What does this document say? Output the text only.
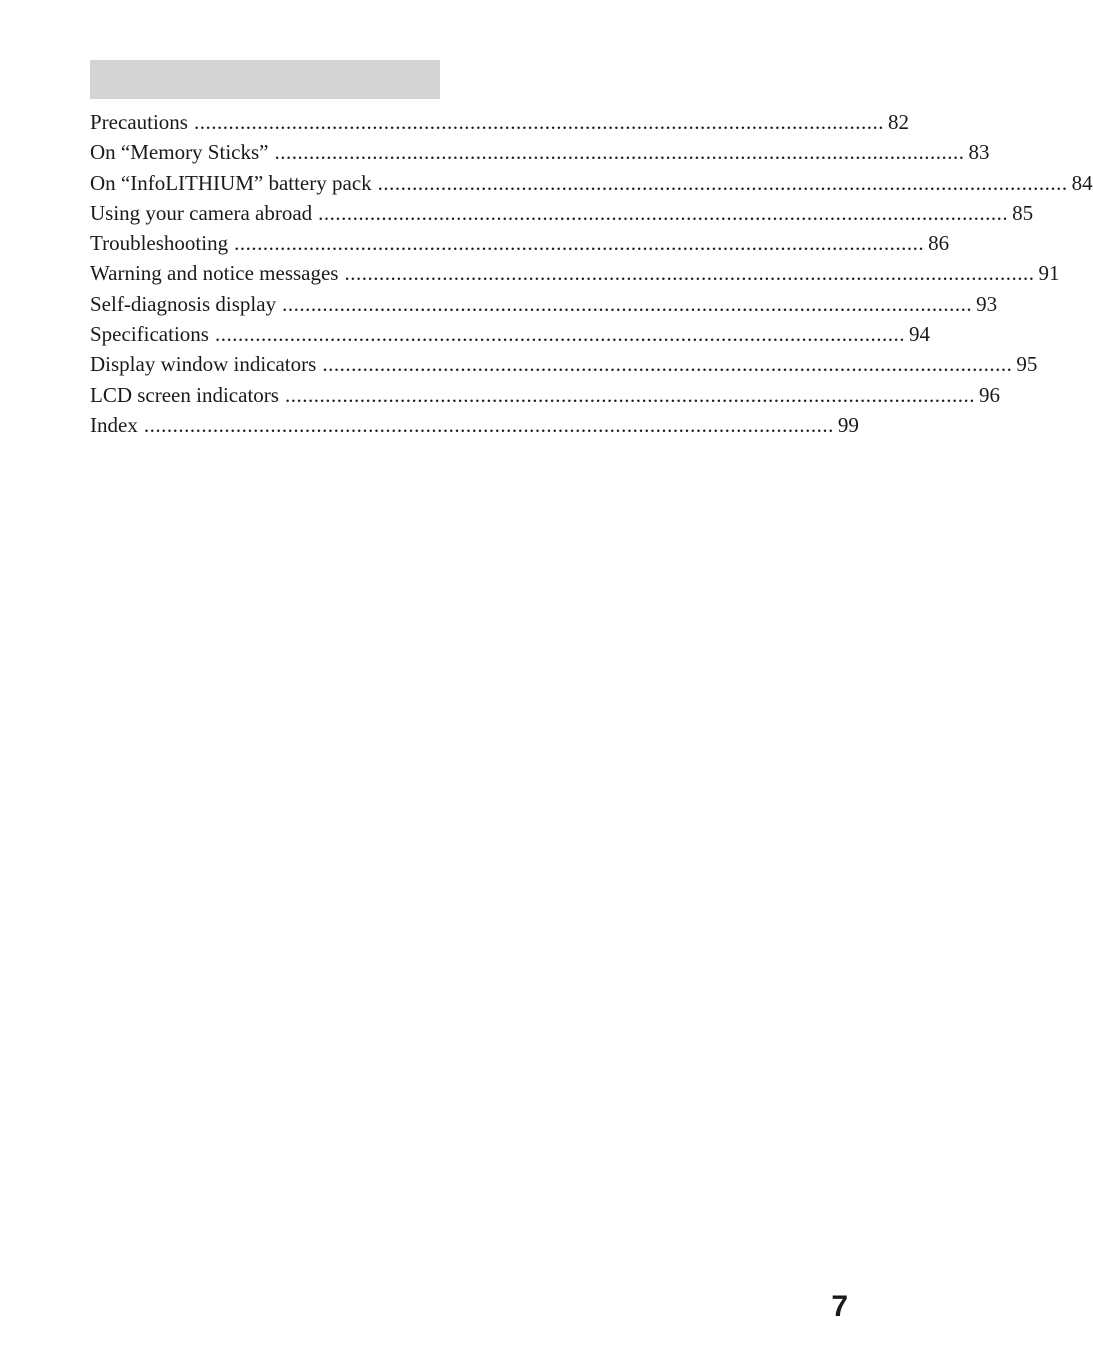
Precautions ........................................................................................................................ 82
On “Memory Sticks” ........................................................................................................................ 83
On “InfoLITHIUM” battery pack ........................................................................................................................ 84
Using your camera abroad ........................................................................................................................ 85
Troubleshooting ........................................................................................................................ 86
Warning and notice messages ........................................................................................................................ 91
Self-diagnosis display ........................................................................................................................ 93
Specifications ........................................................................................................................ 94
Display window indicators ........................................................................................................................ 95
LCD screen indicators ........................................................................................................................ 96
Index ........................................................................................................................ 99
7
